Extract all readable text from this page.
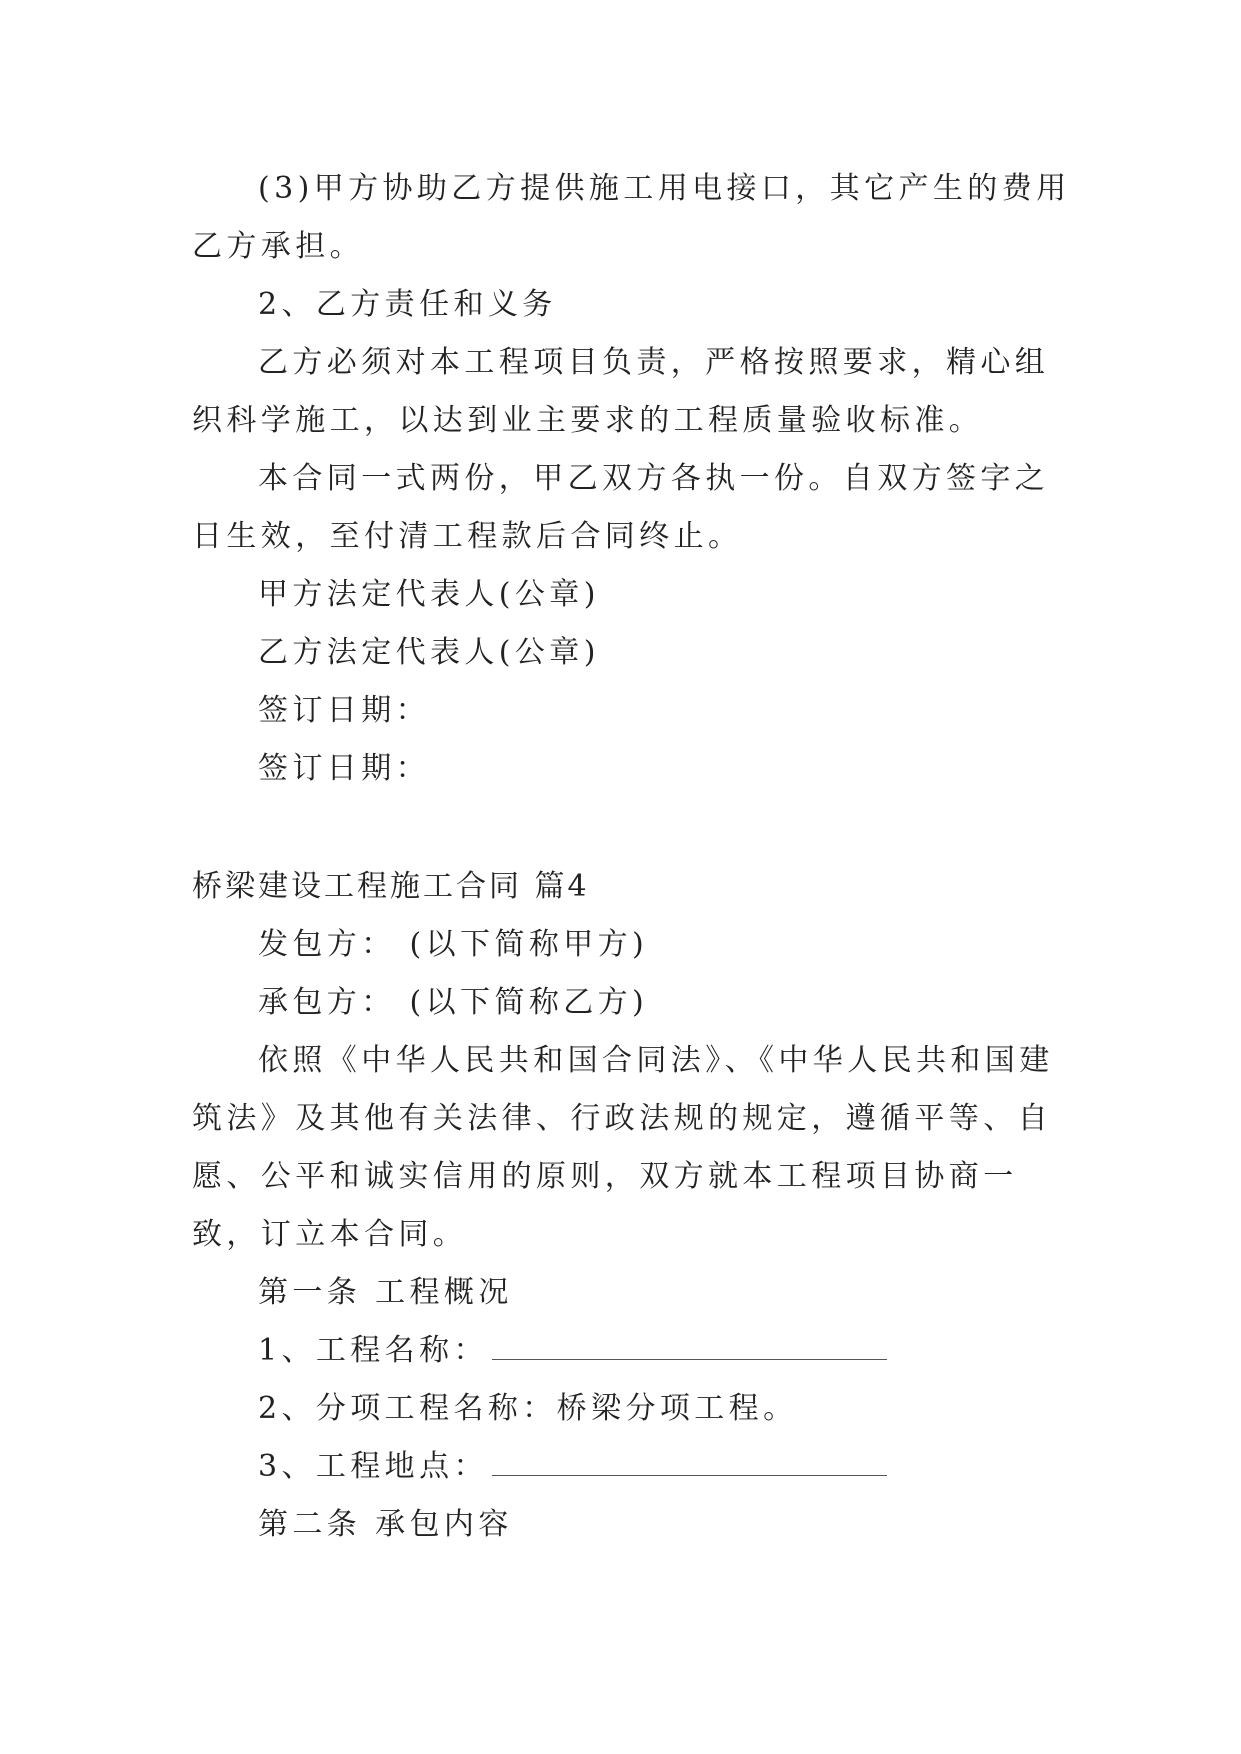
(3)甲方协助乙方提供施工用电接口，其它产生的费用乙方承担。

2、乙方责任和义务

乙方必须对本工程项目负责，严格按照要求，精心组织科学施工，以达到业主要求的工程质量验收标准。

本合同一式两份，甲乙双方各执一份。自双方签字之日生效，至付清工程款后合同终止。

甲方法定代表人(公章)

乙方法定代表人(公章)

签订日期：

签订日期：

桥梁建设工程施工合同 篇4

发包方： (以下简称甲方)

承包方： (以下简称乙方)

依照《中华人民共和国合同法》、《中华人民共和国建筑法》及其他有关法律、行政法规的规定，遵循平等、自愿、公平和诚实信用的原则，双方就本工程项目协商一致，订立本合同。

第一条 工程概况

1、工程名称：

2、分项工程名称：桥梁分项工程。

3、工程地点：

第二条 承包内容
